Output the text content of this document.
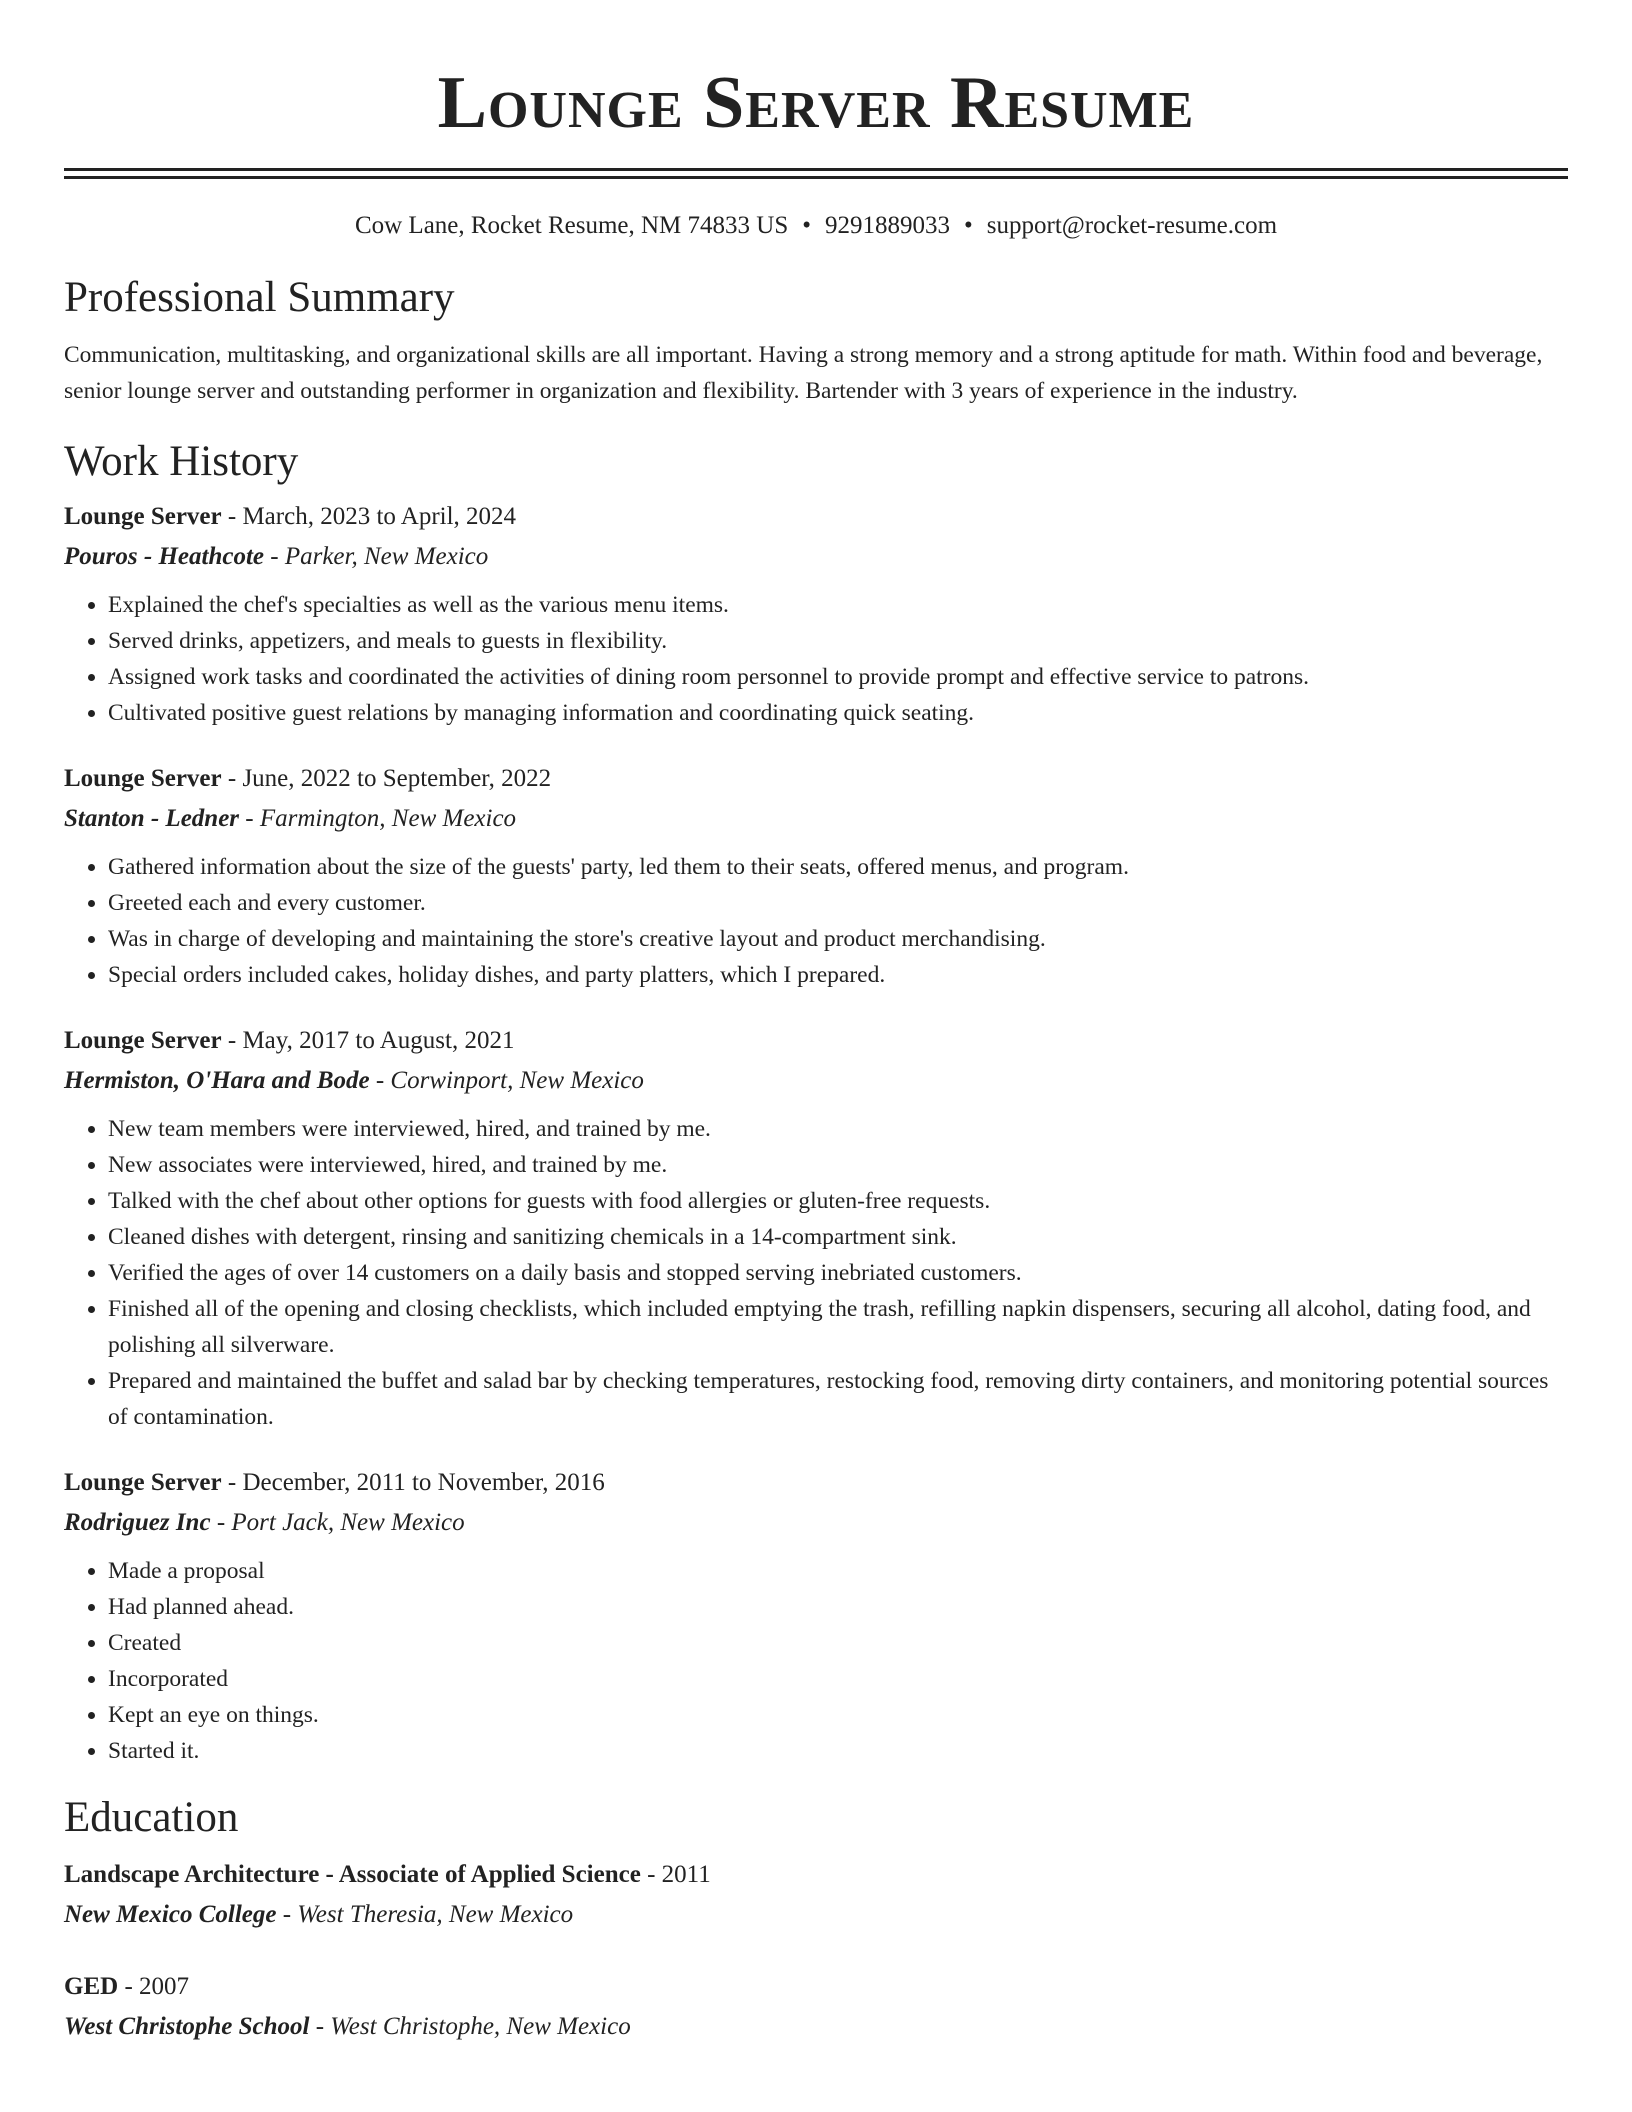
Lounge Server Resume
Cow Lane, Rocket Resume, NM 74833 US • 9291889033 • support@rocket-resume.com
Professional Summary
Communication, multitasking, and organizational skills are all important. Having a strong memory and a strong aptitude for math. Within food and beverage, senior lounge server and outstanding performer in organization and flexibility. Bartender with 3 years of experience in the industry.
Work History
Lounge Server - March, 2023 to April, 2024
Pouros - Heathcote - Parker, New Mexico
• Explained the chef's specialties as well as the various menu items.
• Served drinks, appetizers, and meals to guests in flexibility.
• Assigned work tasks and coordinated the activities of dining room personnel to provide prompt and effective service to patrons.
• Cultivated positive guest relations by managing information and coordinating quick seating.
Lounge Server - June, 2022 to September, 2022
Stanton - Ledner - Farmington, New Mexico
• Gathered information about the size of the guests' party, led them to their seats, offered menus, and program.
• Greeted each and every customer.
• Was in charge of developing and maintaining the store's creative layout and product merchandising.
• Special orders included cakes, holiday dishes, and party platters, which I prepared.
Lounge Server - May, 2017 to August, 2021
Hermiston, O'Hara and Bode - Corwinport, New Mexico
• New team members were interviewed, hired, and trained by me.
• New associates were interviewed, hired, and trained by me.
• Talked with the chef about other options for guests with food allergies or gluten-free requests.
• Cleaned dishes with detergent, rinsing and sanitizing chemicals in a 14-compartment sink.
• Verified the ages of over 14 customers on a daily basis and stopped serving inebriated customers.
• Finished all of the opening and closing checklists, which included emptying the trash, refilling napkin dispensers, securing all alcohol, dating food, and polishing all silverware.
• Prepared and maintained the buffet and salad bar by checking temperatures, restocking food, removing dirty containers, and monitoring potential sources of contamination.
Lounge Server - December, 2011 to November, 2016
Rodriguez Inc - Port Jack, New Mexico
• Made a proposal
• Had planned ahead.
• Created
• Incorporated
• Kept an eye on things.
• Started it.
Education
Landscape Architecture - Associate of Applied Science - 2011
New Mexico College - West Theresia, New Mexico
GED - 2007
West Christophe School - West Christophe, New Mexico
